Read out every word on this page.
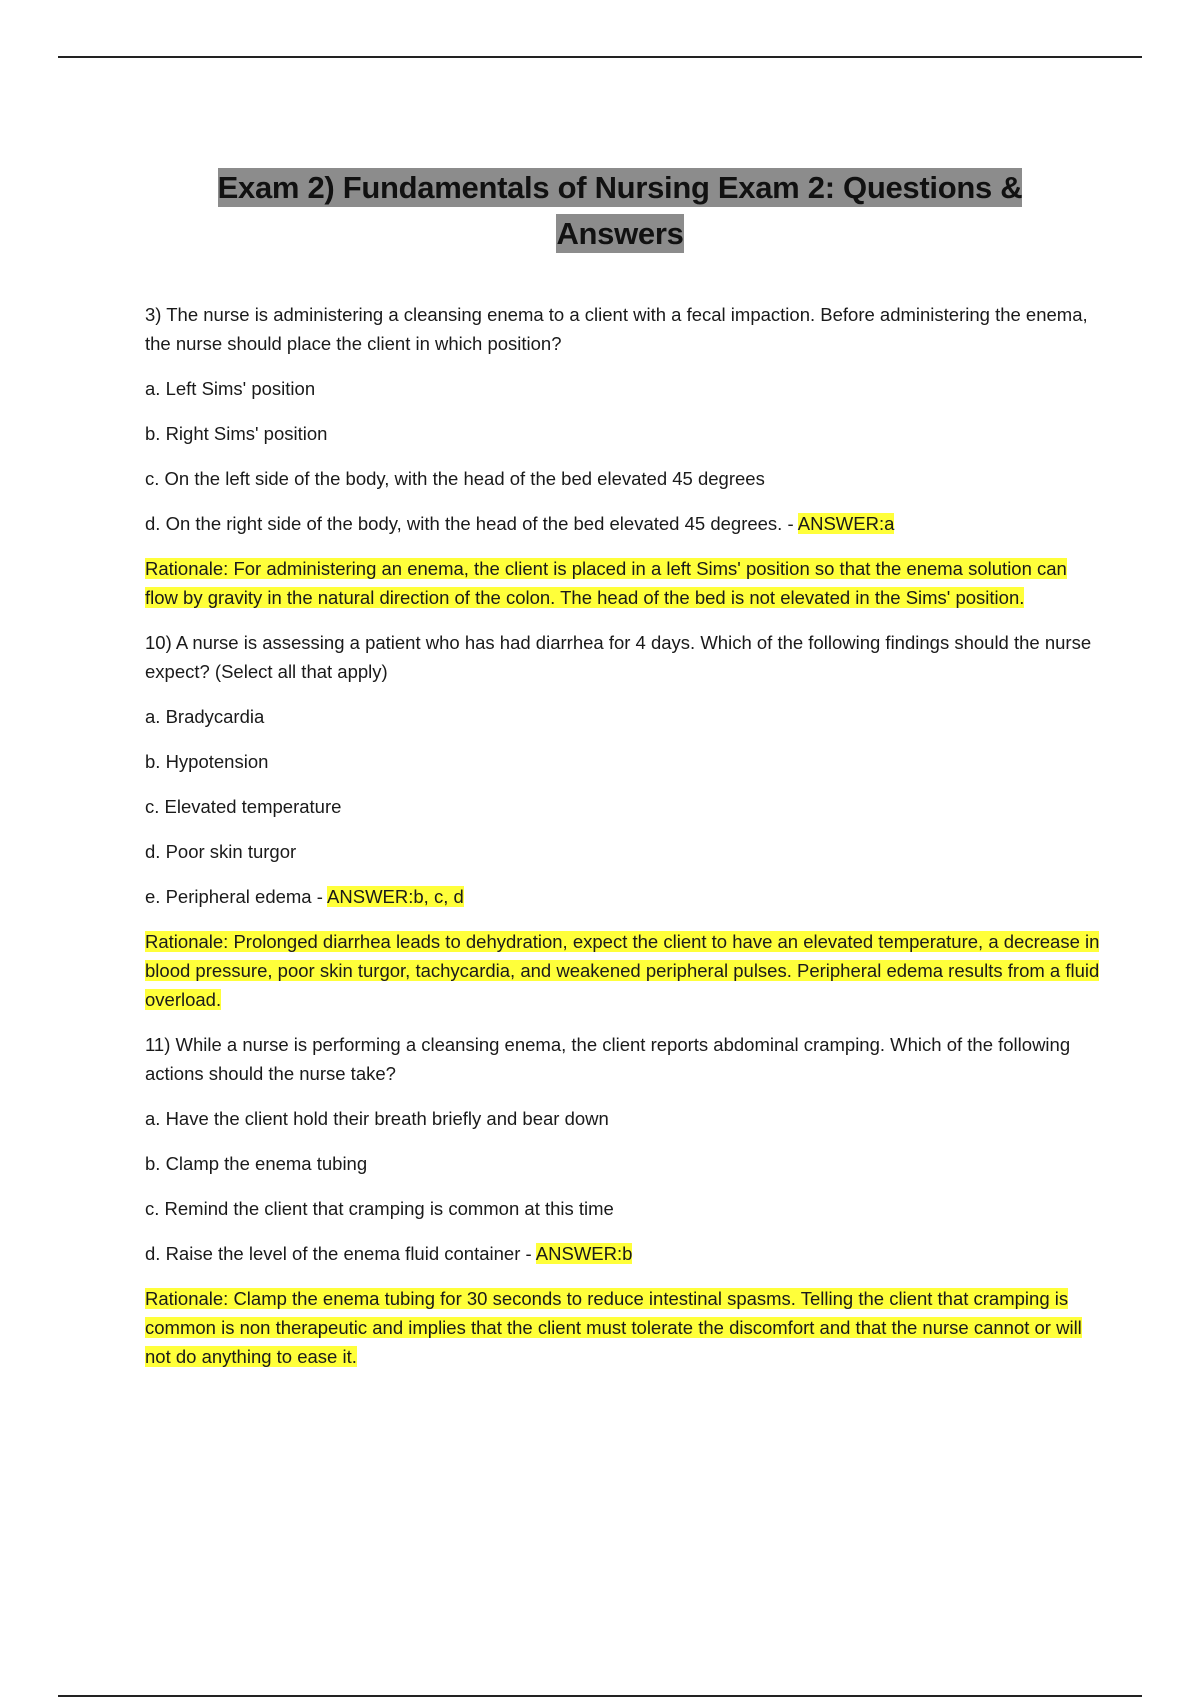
Exam 2) Fundamentals of Nursing Exam 2: Questions & Answers

3) The nurse is administering a cleansing enema to a client with a fecal impaction. Before administering the enema, the nurse should place the client in which position?

a. Left Sims' position

b. Right Sims' position

c. On the left side of the body, with the head of the bed elevated 45 degrees

d. On the right side of the body, with the head of the bed elevated 45 degrees. - ANSWER:a

Rationale: For administering an enema, the client is placed in a left Sims' position so that the enema solution can flow by gravity in the natural direction of the colon. The head of the bed is not elevated in the Sims' position.

10) A nurse is assessing a patient who has had diarrhea for 4 days. Which of the following findings should the nurse expect? (Select all that apply)

a. Bradycardia

b. Hypotension

c. Elevated temperature

d. Poor skin turgor

e. Peripheral edema - ANSWER:b, c, d

Rationale: Prolonged diarrhea leads to dehydration, expect the client to have an elevated temperature, a decrease in blood pressure, poor skin turgor, tachycardia, and weakened peripheral pulses. Peripheral edema results from a fluid overload.

11) While a nurse is performing a cleansing enema, the client reports abdominal cramping. Which of the following actions should the nurse take?

a. Have the client hold their breath briefly and bear down

b. Clamp the enema tubing

c. Remind the client that cramping is common at this time

d. Raise the level of the enema fluid container - ANSWER:b

Rationale: Clamp the enema tubing for 30 seconds to reduce intestinal spasms. Telling the client that cramping is common is non therapeutic and implies that the client must tolerate the discomfort and that the nurse cannot or will not do anything to ease it.
